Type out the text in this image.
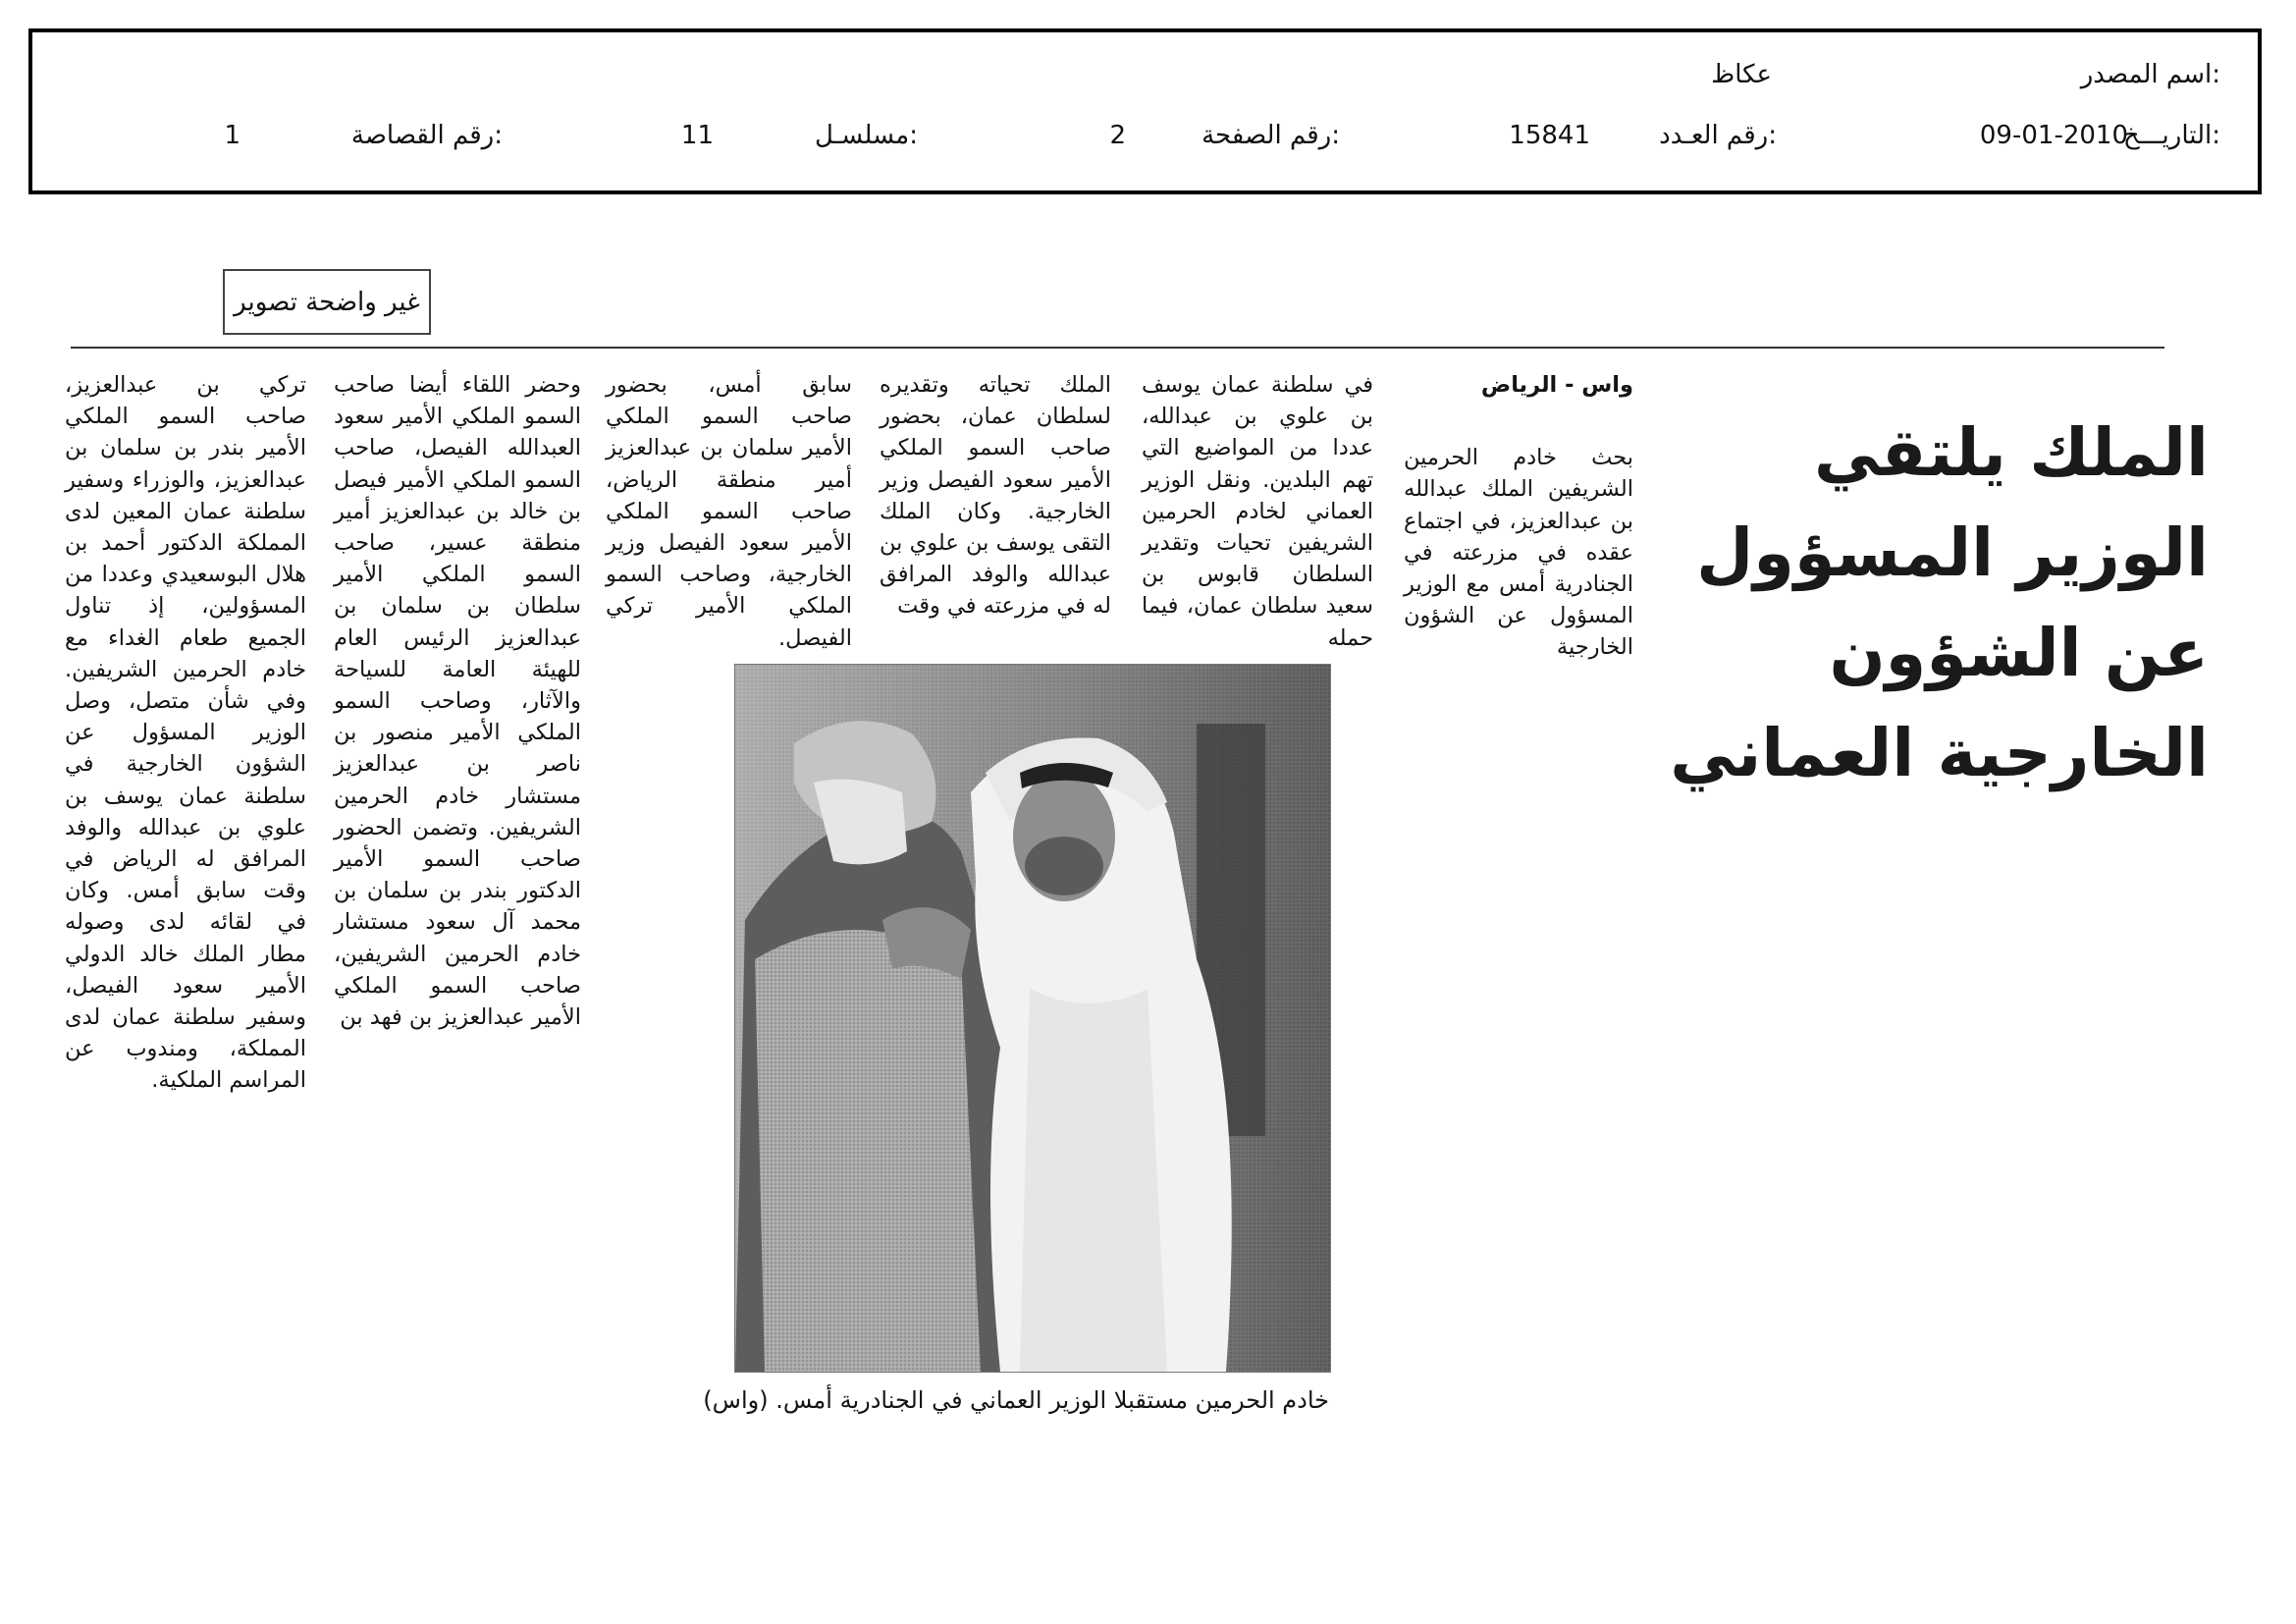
اسم المصدر:
عكاظ
التاريـــخ:
09-01-2010
رقم العـدد:
15841
رقم الصفحة:
2
مسلسـل:
11
رقم القصاصة:
1
غير واضحة تصوير
الملك يلتقي الوزير المسؤول
عن الشؤون الخارجية العماني

واس - الرياض

بحث خادم الحرمين الشريفين الملك عبدالله بن عبدالعزيز، في اجتماع عقده في مزرعته في الجنادرية أمس مع الوزير المسؤول عن الشؤون الخارجية

في سلطنة عمان يوسف بن علوي بن عبدالله، عددا من المواضيع التي تهم البلدين. ونقل الوزير العماني لخادم الحرمين الشريفين تحيات وتقدير السلطان قابوس بن سعيد سلطان عمان، فيما حمله

الملك تحياته وتقديره لسلطان عمان، بحضور صاحب السمو الملكي الأمير سعود الفيصل وزير الخارجية. وكان الملك التقى يوسف بن علوي بن عبدالله والوفد المرافق له في مزرعته في وقت

سابق أمس، بحضور صاحب السمو الملكي الأمير سلمان بن عبدالعزيز أمير منطقة الرياض، صاحب السمو الملكي الأمير سعود الفيصل وزير الخارجية، وصاحب السمو الملكي الأمير تركي الفيصل.

وحضر اللقاء أيضا صاحب السمو الملكي الأمير سعود العبدالله الفيصل، صاحب السمو الملكي الأمير فيصل بن خالد بن عبدالعزيز أمير منطقة عسير، صاحب السمو الملكي الأمير سلطان بن سلمان بن عبدالعزيز الرئيس العام للهيئة العامة للسياحة والآثار، وصاحب السمو الملكي الأمير منصور بن ناصر بن عبدالعزيز مستشار خادم الحرمين الشريفين. وتضمن الحضور صاحب السمو الأمير الدكتور بندر بن سلمان بن محمد آل سعود مستشار خادم الحرمين الشريفين، صاحب السمو الملكي الأمير عبدالعزيز بن فهد بن

تركي بن عبدالعزيز، صاحب السمو الملكي الأمير بندر بن سلمان بن عبدالعزيز، والوزراء وسفير سلطنة عمان المعين لدى المملكة الدكتور أحمد بن هلال البوسعيدي وعددا من المسؤولين، إذ تناول الجميع طعام الغداء مع خادم الحرمين الشريفين. وفي شأن متصل، وصل الوزير المسؤول عن الشؤون الخارجية في سلطنة عمان يوسف بن علوي بن عبدالله والوفد المرافق له الرياض في وقت سابق أمس. وكان في لقائه لدى وصوله مطار الملك خالد الدولي الأمير سعود الفيصل، وسفير سلطنة عمان لدى المملكة، ومندوب عن المراسم الملكية.

خادم الحرمين مستقبلا الوزير العماني في الجنادرية أمس. (واس)
